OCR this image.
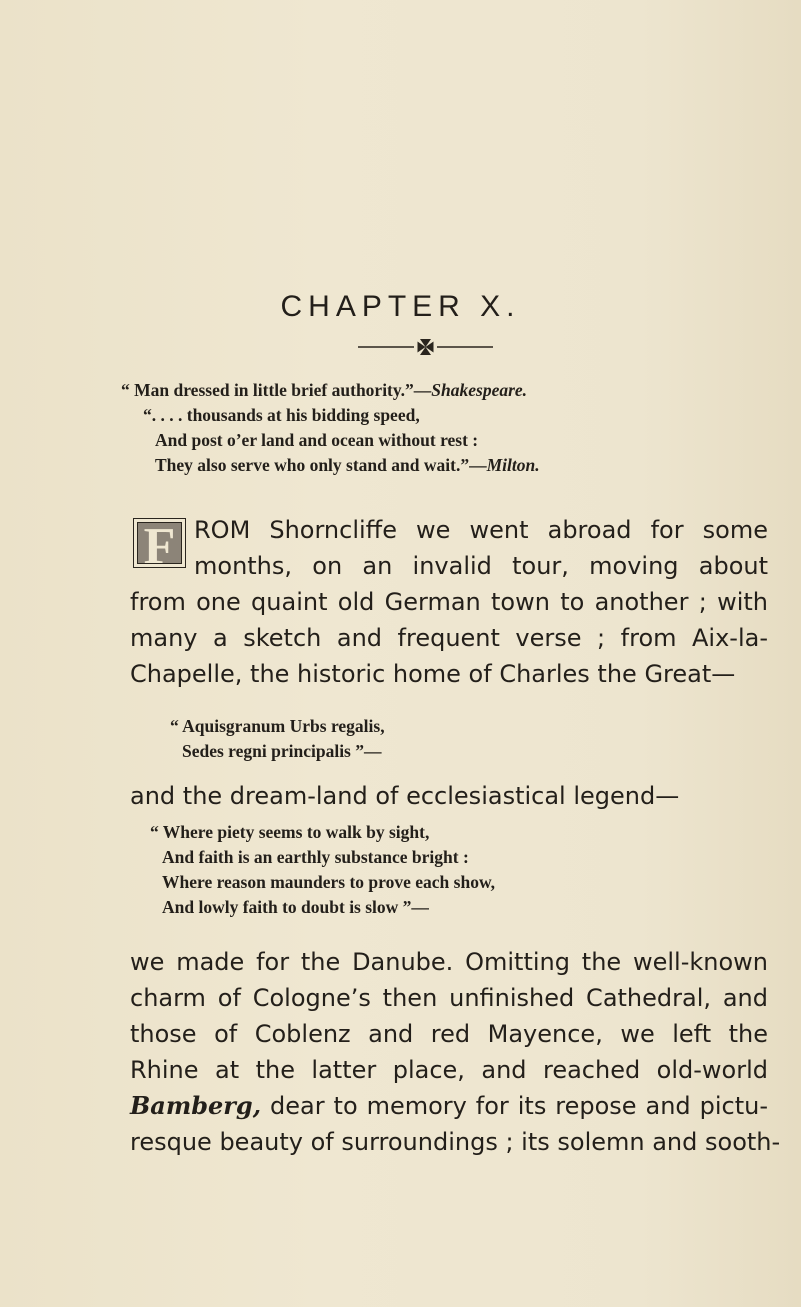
CHAPTER X.
“ Man dressed in little brief authority.”—Shakespeare.
“. . . . thousands at his bidding speed,
And post o’er land and ocean without rest :
They also serve who only stand and wait.”—Milton.
F ROM Shorncliffe we went abroad for some
months, on an invalid tour, moving about
from one quaint old German town to another ; with
many a sketch and frequent verse ; from Aix-la-
Chapelle, the historic home of Charles the Great—
“ Aquisgranum Urbs regalis,
Sedes regni principalis ”—
and the dream-land of ecclesiastical legend—
“ Where piety seems to walk by sight,
And faith is an earthly substance bright :
Where reason maunders to prove each show,
And lowly faith to doubt is slow ”—
we made for the Danube. Omitting the well-known
charm of Cologne’s then unfinished Cathedral, and
those of Coblenz and red Mayence, we left the
Rhine at the latter place, and reached old-world
Bamberg, dear to memory for its repose and pictu-
resque beauty of surroundings ; its solemn and sooth-
